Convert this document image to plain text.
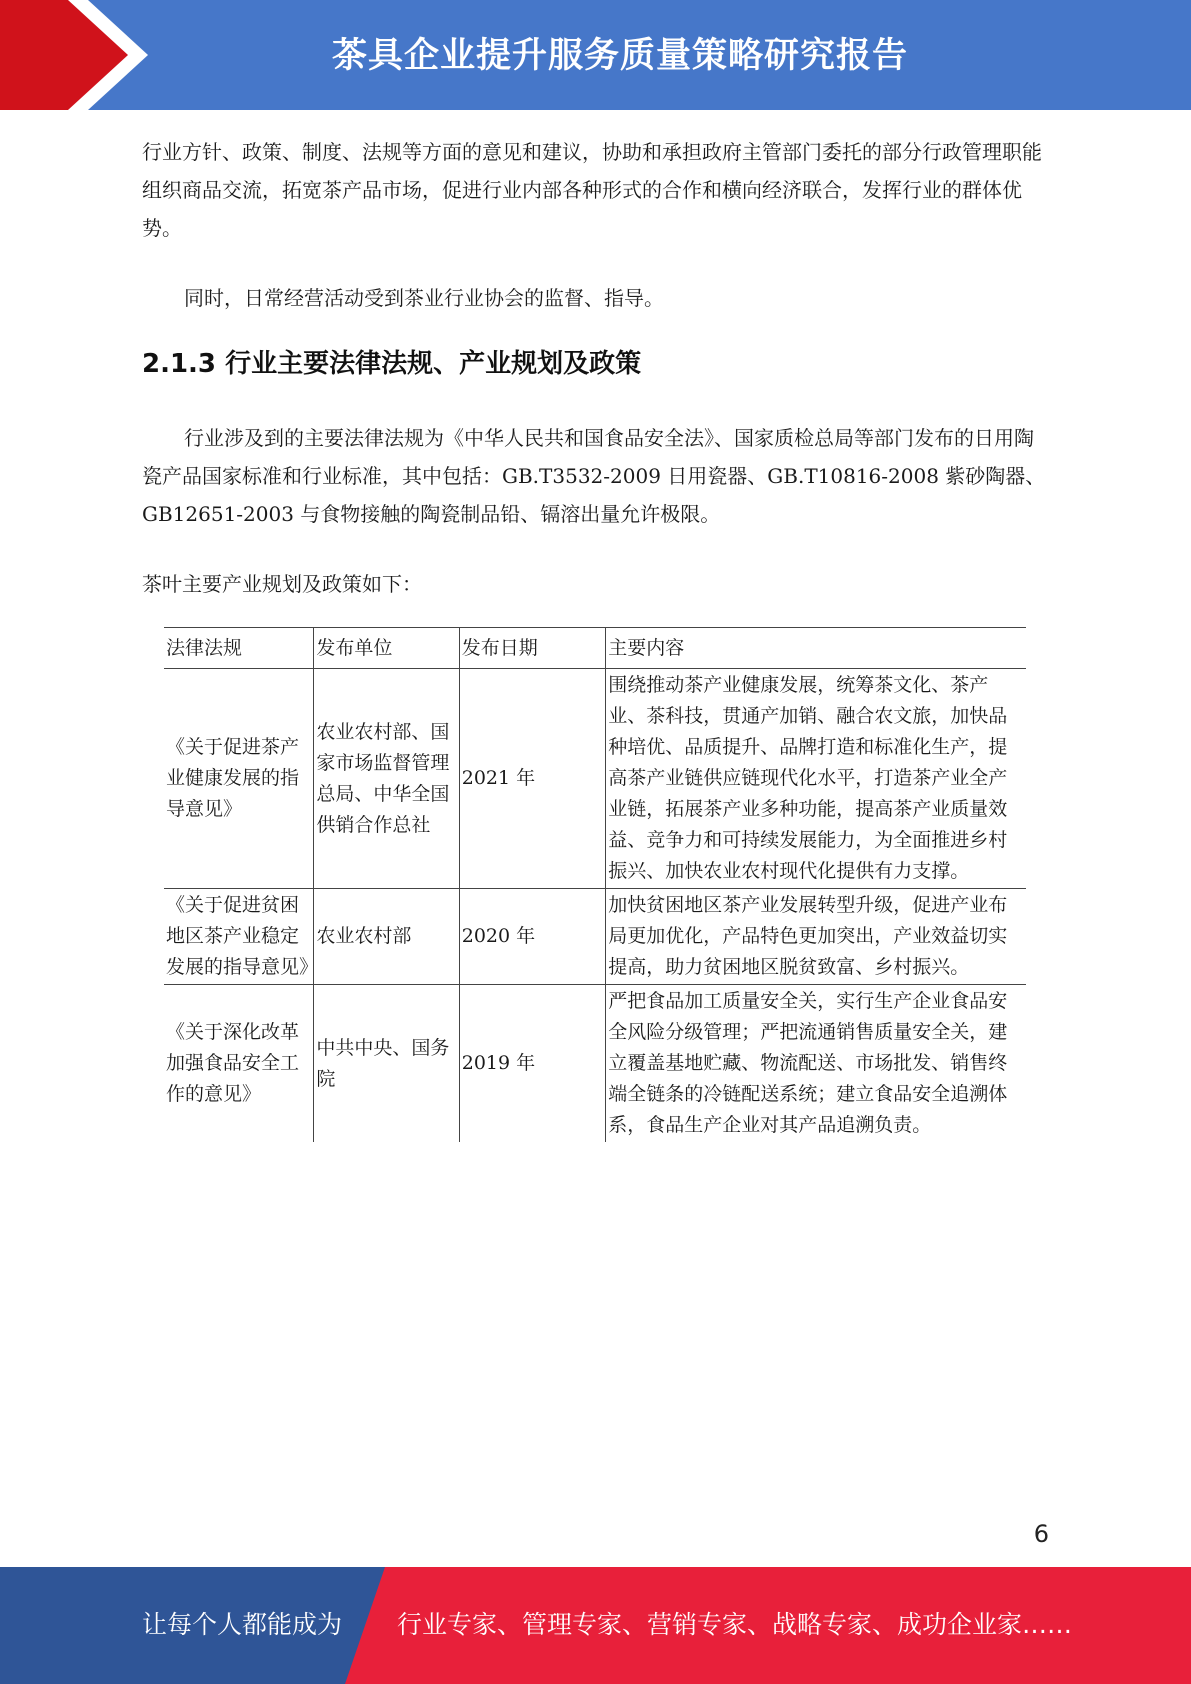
茶具企业提升服务质量策略研究报告

行业方针、政策、制度、法规等方面的意见和建议，协助和承担政府主管部门委托的部分行政管理职能组织商品交流，拓宽茶产品市场，促进行业内部各种形式的合作和横向经济联合，发挥行业的群体优势。

同时，日常经营活动受到茶业行业协会的监督、指导。

2.1.3 行业主要法律法规、产业规划及政策

行业涉及到的主要法律法规为《中华人民共和国食品安全法》、国家质检总局等部门发布的日用陶瓷产品国家标准和行业标准，其中包括：GB.T3532-2009 日用瓷器、GB.T10816-2008 紫砂陶器、GB12651-2003 与食物接触的陶瓷制品铅、镉溶出量允许极限。

茶叶主要产业规划及政策如下：

法律法规	发布单位	发布日期	主要内容
《关于促进茶产业健康发展的指导意见》	农业农村部、国家市场监督管理总局、中华全国供销合作总社	2021 年	围绕推动茶产业健康发展，统筹茶文化、茶产业、茶科技，贯通产加销、融合农文旅，加快品种培优、品质提升、品牌打造和标准化生产，提高茶产业链供应链现代化水平，打造茶产业全产业链，拓展茶产业多种功能，提高茶产业质量效益、竞争力和可持续发展能力，为全面推进乡村振兴、加快农业农村现代化提供有力支撑。
《关于促进贫困地区茶产业稳定发展的指导意见》	农业农村部	2020 年	加快贫困地区茶产业发展转型升级，促进产业布局更加优化，产品特色更加突出，产业效益切实提高，助力贫困地区脱贫致富、乡村振兴。
《关于深化改革加强食品安全工作的意见》	中共中央、国务院	2019 年	严把食品加工质量安全关，实行生产企业食品安全风险分级管理；严把流通销售质量安全关，建立覆盖基地贮藏、物流配送、市场批发、销售终端全链条的冷链配送系统；建立食品安全追溯体系，食品生产企业对其产品追溯负责。
6
让每个人都能成为 行业专家、管理专家、营销专家、战略专家、成功企业家……
